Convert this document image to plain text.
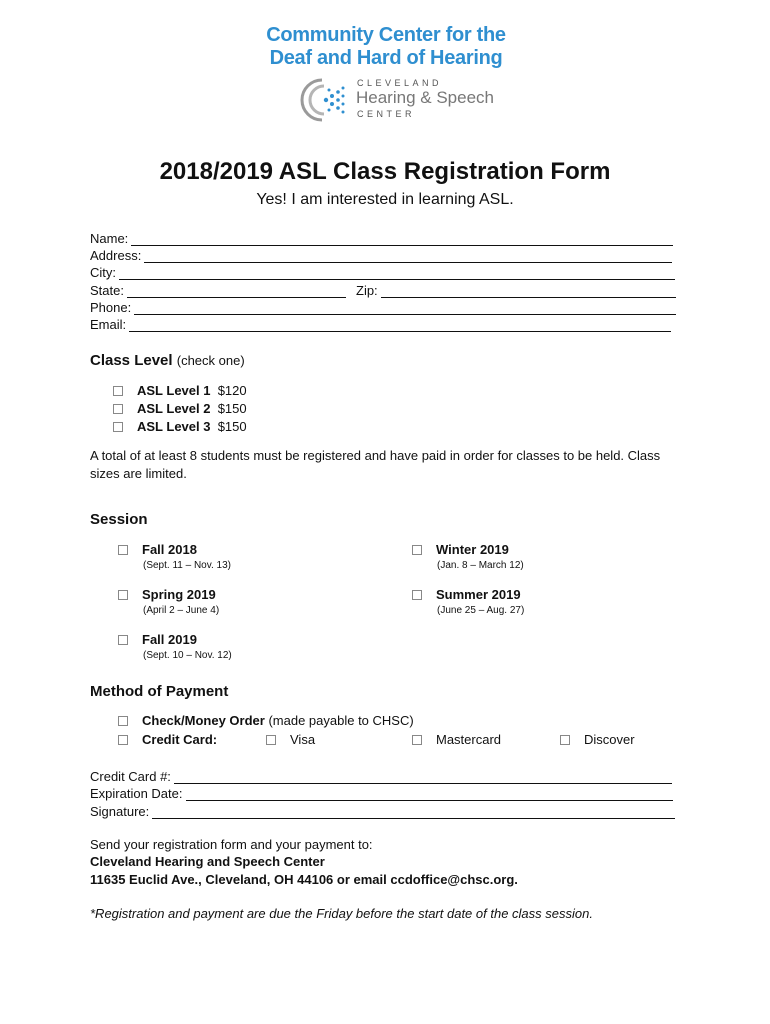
Community Center for the
Deaf and Hard of Hearing
CLEVELAND
Hearing & Speech
CENTER
2018/2019 ASL Class Registration Form
Yes! I am interested in learning ASL.
Name:
Address:
City:
State:	Zip:
Phone:
Email:
Class Level (check one)
ASL Level 1
$120
ASL Level 2
$150
ASL Level 3
$150
A total of at least 8 students must be registered and have paid in order for classes to be held. Class sizes are limited.
Session
Fall 2018
(Sept. 11 – Nov. 13)
Winter 2019
(Jan. 8 – March 12)
Spring 2019
(April 2 – June 4)
Summer 2019
(June 25 – Aug. 27)
Fall 2019
(Sept. 10 – Nov. 12)
Method of Payment
Check/Money Order
(made payable to CHSC)
Credit Card:	Visa	Mastercard	Discover
Credit Card #:
Expiration Date:
Signature:
Send your registration form and your payment to:
Cleveland Hearing and Speech Center
11635 Euclid Ave., Cleveland, OH 44106 or email ccdoffice@chsc.org.
*Registration and payment are due the Friday before the start date of the class session.
